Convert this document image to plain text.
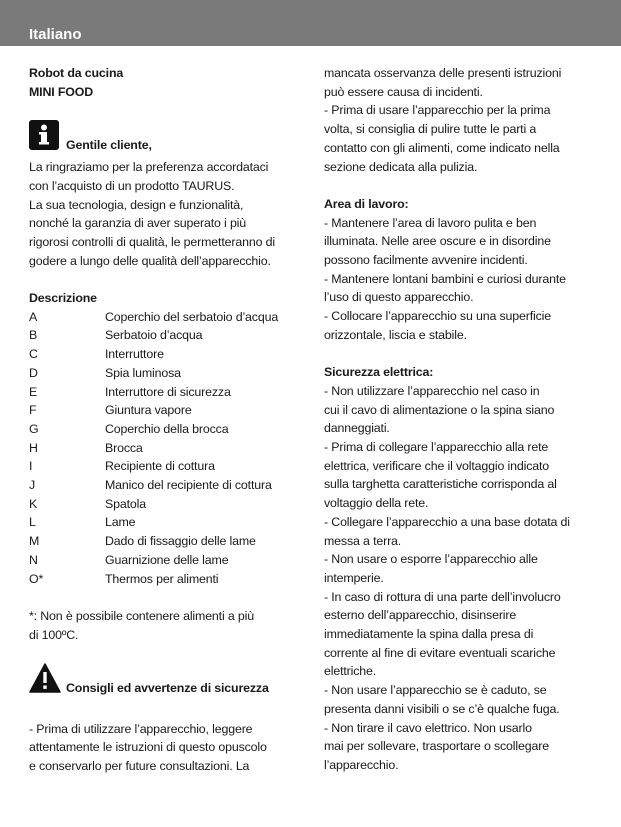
Italiano

Robot da cucina

MINI FOOD

Gentile cliente,

La ringraziamo per la preferenza accordataci
con l’acquisto di un prodotto TAURUS.
La sua tecnologia, design e funzionalità,
nonché la garanzia di aver superato i più
rigorosi controlli di qualità, le permetteranno di
godere a lungo delle qualità dell’apparecchio.

Descrizione

A	Coperchio del serbatoio d’acqua
B	Serbatoio d’acqua
C	Interruttore
D	Spia luminosa
E	Interruttore di sicurezza
F	Giuntura vapore
G	Coperchio della brocca
H	Brocca
I	Recipiente di cottura
J	Manico del recipiente di cottura
K	Spatola
L	Lame
M	Dado di fissaggio delle lame
N	Guarnizione delle lame
O*	Thermos per alimenti

*: Non è possibile contenere alimenti a più
di 100ºC.

Consigli ed avvertenze di sicurezza

- Prima di utilizzare l’apparecchio, leggere
attentamente le istruzioni di questo opuscolo
e conservarlo per future consultazioni. La

mancata osservanza delle presenti istruzioni
può essere causa di incidenti.
- Prima di usare l’apparecchio per la prima
volta, si consiglia di pulire tutte le parti a
contatto con gli alimenti, come indicato nella
sezione dedicata alla pulizia.

Area di lavoro:

- Mantenere l’area di lavoro pulita e ben
illuminata. Nelle aree oscure e in disordine
possono facilmente avvenire incidenti.
- Mantenere lontani bambini e curiosi durante
l’uso di questo apparecchio.
- Collocare l’apparecchio su una superficie
orizzontale, liscia e stabile.

Sicurezza elettrica:

- Non utilizzare l’apparecchio nel caso in
cui il cavo di alimentazione o la spina siano
danneggiati.
- Prima di collegare l’apparecchio alla rete
elettrica, verificare che il voltaggio indicato
sulla targhetta caratteristiche corrisponda al
voltaggio della rete.
- Collegare l’apparecchio a una base dotata di
messa a terra.
- Non usare o esporre l’apparecchio alle
intemperie.
- In caso di rottura di una parte dell’involucro
esterno dell’apparecchio, disinserire
immediatamente la spina dalla presa di
corrente al fine di evitare eventuali scariche
elettriche.
- Non usare l’apparecchio se è caduto, se
presenta danni visibili o se c’è qualche fuga.
- Non tirare il cavo elettrico. Non usarlo
mai per sollevare, trasportare o scollegare
l’apparecchio.
